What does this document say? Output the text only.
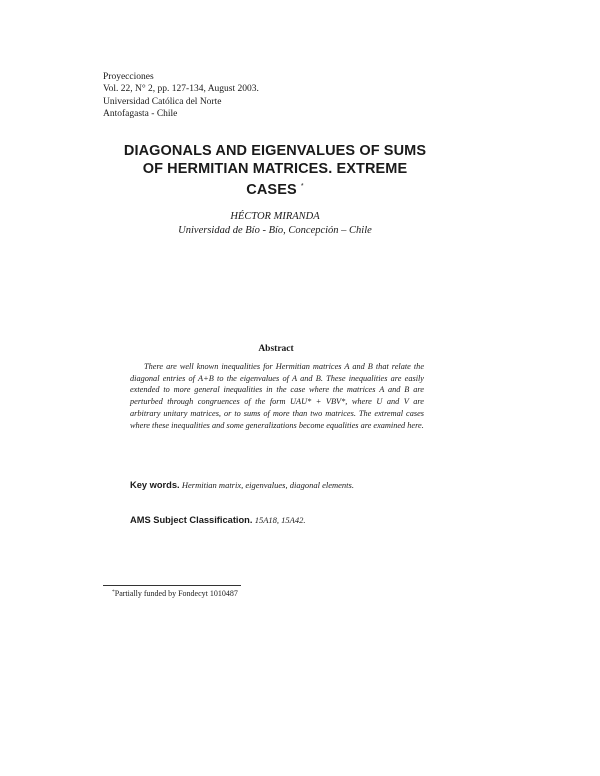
Proyecciones
Vol. 22, N° 2, pp. 127-134, August 2003.
Universidad Católica del Norte
Antofagasta - Chile
DIAGONALS AND EIGENVALUES OF SUMS
OF HERMITIAN MATRICES. EXTREME
CASES *
HÉCTOR MIRANDA
Universidad de Bío - Bío, Concepción – Chile
Abstract
There are well known inequalities for Hermitian matrices A and B that relate the diagonal entries of A+B to the eigenvalues of A and B. These inequalities are easily extended to more general inequalities in the case where the matrices A and B are perturbed through congruences of the form UAU* + VBV*, where U and V are arbitrary unitary matrices, or to sums of more than two matrices. The extremal cases where these inequalities and some generalizations become equalities are examined here.
Key words. Hermitian matrix, eigenvalues, diagonal elements.
AMS Subject Classification. 15A18, 15A42.
*Partially funded by Fondecyt 1010487
